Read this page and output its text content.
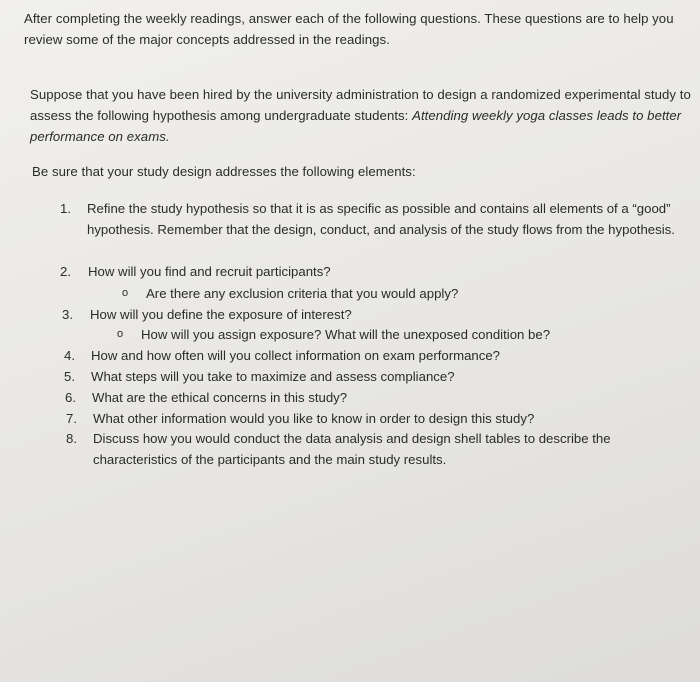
After completing the weekly readings, answer each of the following questions. These questions are to help you review some of the major concepts addressed in the readings.

Suppose that you have been hired by the university administration to design a randomized experimental study to assess the following hypothesis among undergraduate students: Attending weekly yoga classes leads to better performance on exams.

Be sure that your study design addresses the following elements:

1. Refine the study hypothesis so that it is as specific as possible and contains all elements of a “good” hypothesis. Remember that the design, conduct, and analysis of the study flows from the hypothesis.
2. How will you find and recruit participants?
o Are there any exclusion criteria that you would apply?
3. How will you define the exposure of interest?
o How will you assign exposure? What will the unexposed condition be?
4. How and how often will you collect information on exam performance?
5. What steps will you take to maximize and assess compliance?
6. What are the ethical concerns in this study?
7. What other information would you like to know in order to design this study?
8. Discuss how you would conduct the data analysis and design shell tables to describe the characteristics of the participants and the main study results.
